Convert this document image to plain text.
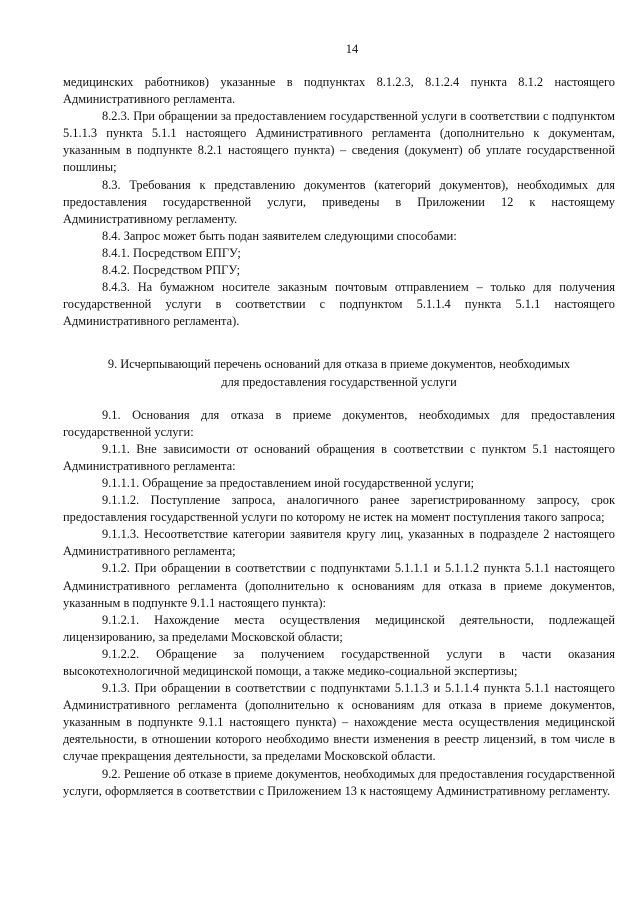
14

медицинских работников) указанные в подпунктах 8.1.2.3, 8.1.2.4 пункта 8.1.2 настоящего Административного регламента.

8.2.3. При обращении за предоставлением государственной услуги в соответствии с подпунктом 5.1.1.3 пункта 5.1.1 настоящего Административного регламента (дополнительно к документам, указанным в подпункте 8.2.1 настоящего пункта) – сведения (документ) об уплате государственной пошлины;

8.3. Требования к представлению документов (категорий документов), необходимых для предоставления государственной услуги, приведены в Приложении 12 к настоящему Административному регламенту.

8.4. Запрос может быть подан заявителем следующими способами:

8.4.1. Посредством ЕПГУ;

8.4.2. Посредством РПГУ;

8.4.3. На бумажном носителе заказным почтовым отправлением – только для получения государственной услуги в соответствии с подпунктом 5.1.1.4 пункта 5.1.1 настоящего Административного регламента).

9. Исчерпывающий перечень оснований для отказа в приеме документов, необходимых
для предоставления государственной услуги

9.1. Основания для отказа в приеме документов, необходимых для предоставления государственной услуги:

9.1.1. Вне зависимости от оснований обращения в соответствии с пунктом 5.1 настоящего Административного регламента:

9.1.1.1. Обращение за предоставлением иной государственной услуги;

9.1.1.2. Поступление запроса, аналогичного ранее зарегистрированному запросу, срок предоставления государственной услуги по которому не истек на момент поступления такого запроса;

9.1.1.3. Несоответствие категории заявителя кругу лиц, указанных в подразделе 2 настоящего Административного регламента;

9.1.2. При обращении в соответствии с подпунктами 5.1.1.1 и 5.1.1.2 пункта 5.1.1 настоящего Административного регламента (дополнительно к основаниям для отказа в приеме документов, указанным в подпункте 9.1.1 настоящего пункта):

9.1.2.1. Нахождение места осуществления медицинской деятельности, подлежащей лицензированию, за пределами Московской области;

9.1.2.2. Обращение за получением государственной услуги в части оказания высокотехнологичной медицинской помощи, а также медико-социальной экспертизы;

9.1.3. При обращении в соответствии с подпунктами 5.1.1.3 и 5.1.1.4 пункта 5.1.1 настоящего Административного регламента (дополнительно к основаниям для отказа в приеме документов, указанным в подпункте 9.1.1 настоящего пункта) – нахождение места осуществления медицинской деятельности, в отношении которого необходимо внести изменения в реестр лицензий, в том числе в случае прекращения деятельности, за пределами Московской области.

9.2. Решение об отказе в приеме документов, необходимых для предоставления государственной услуги, оформляется в соответствии с Приложением 13 к настоящему Административному регламенту.
